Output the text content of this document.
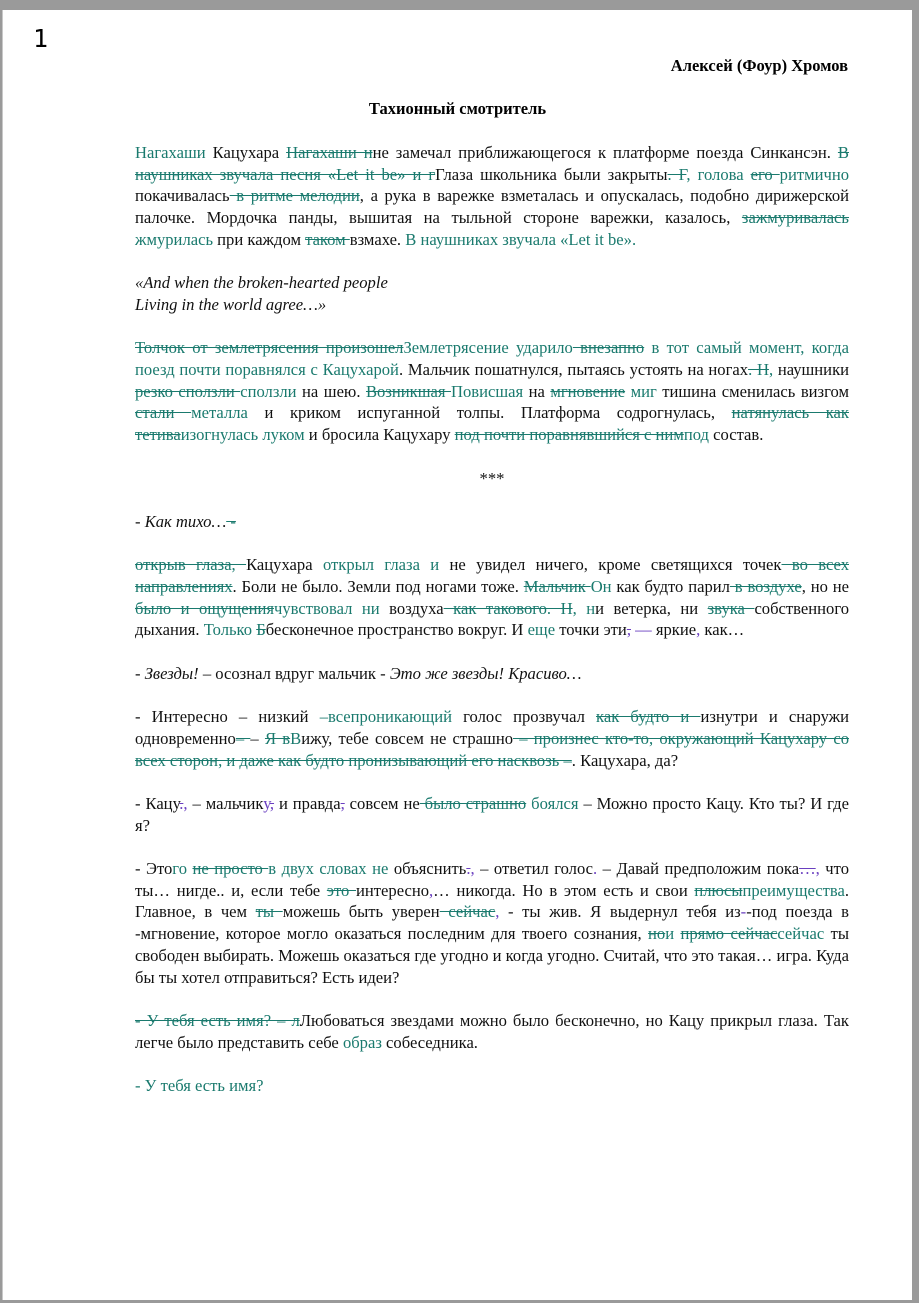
1
Алексей (Фоур) Хромов
Тахионный смотритель

Нагахаши Кацухара Нагахаши нне замечал приближающегося к платформе поезда Синкансэн. В наушниках звучала песня «Let it be» и гГлаза школьника были закрыты. Г, голова его ритмично покачивалась в ритме мелодии, а рука в варежке взметалась и опускалась, подобно дирижерской палочке. Мордочка панды, вышитая на тыльной стороне варежки, казалось, зажмуривалась жмурилась при каждом таком взмахе. В наушниках звучала «Let it be».

«And when the broken-hearted people
Living in the world agree…»

Толчок от землетрясения произошелЗемлетрясение ударило внезапно в тот самый момент, когда поезд почти поравнялся с Кацухарой. Мальчик пошатнулся, пытаясь устоять на ногах. Н, наушники резко сползли сползли на шею. Возникшая Повисшая на мгновение миг тишина сменилась визгом стали металла и криком испуганной толпы. Платформа содрогнулась, натянулась как тетиваизогнулась луком и бросила Кацухару под почти поравнявшийся с нимпод состав.

***

- Как тихо… -

открыв глаза, Кацухара открыл глаза и не увидел ничего, кроме светящихся точек во всех направлениях. Боли не было. Земли под ногами тоже. Мальчик Он как будто парил в воздухе, но не было и ощущениячувствовал ни воздуха как такового. Н, ни ветерка, ни звука собственного дыхания. Только Ббесконечное пространство вокруг. И еще точки эти, — яркие, как…

- Звезды! – осознал вдруг мальчик - Это же звезды! Красиво…

- Интересно – низкий –всепроникающий голос прозвучал как будто и изнутри и снаружи одновременно– – Я вВижу, тебе совсем не страшно – произнес кто-то, окружающий Кацухару со всех сторон, и даже как будто пронизывающий его насквозь –. Кацухара, да?

- Кацу., – мальчику, и правда, совсем не было страшно боялся – Можно просто Кацу. Кто ты? И где я?

- Этого не просто в двух словах не объяснить., – ответил голос. – Давай предположим пока…, что ты… нигде.. и, если тебе это интересно,… никогда. Но в этом есть и свои плюсыпреимущества. Главное, в чем ты можешь быть уверен сейчас, - ты жив. Я выдернул тебя из--под поезда в -мгновение, которое могло оказаться последним для твоего сознания, нои прямо сейчассейчас ты свободен выбирать. Можешь оказаться где угодно и когда угодно. Считай, что это такая… игра. Куда бы ты хотел отправиться? Есть идеи?

- У тебя есть имя? – лЛюбоваться звездами можно было бесконечно, но Кацу прикрыл глаза. Так легче было представить себе образ собеседника.

- У тебя есть имя?
